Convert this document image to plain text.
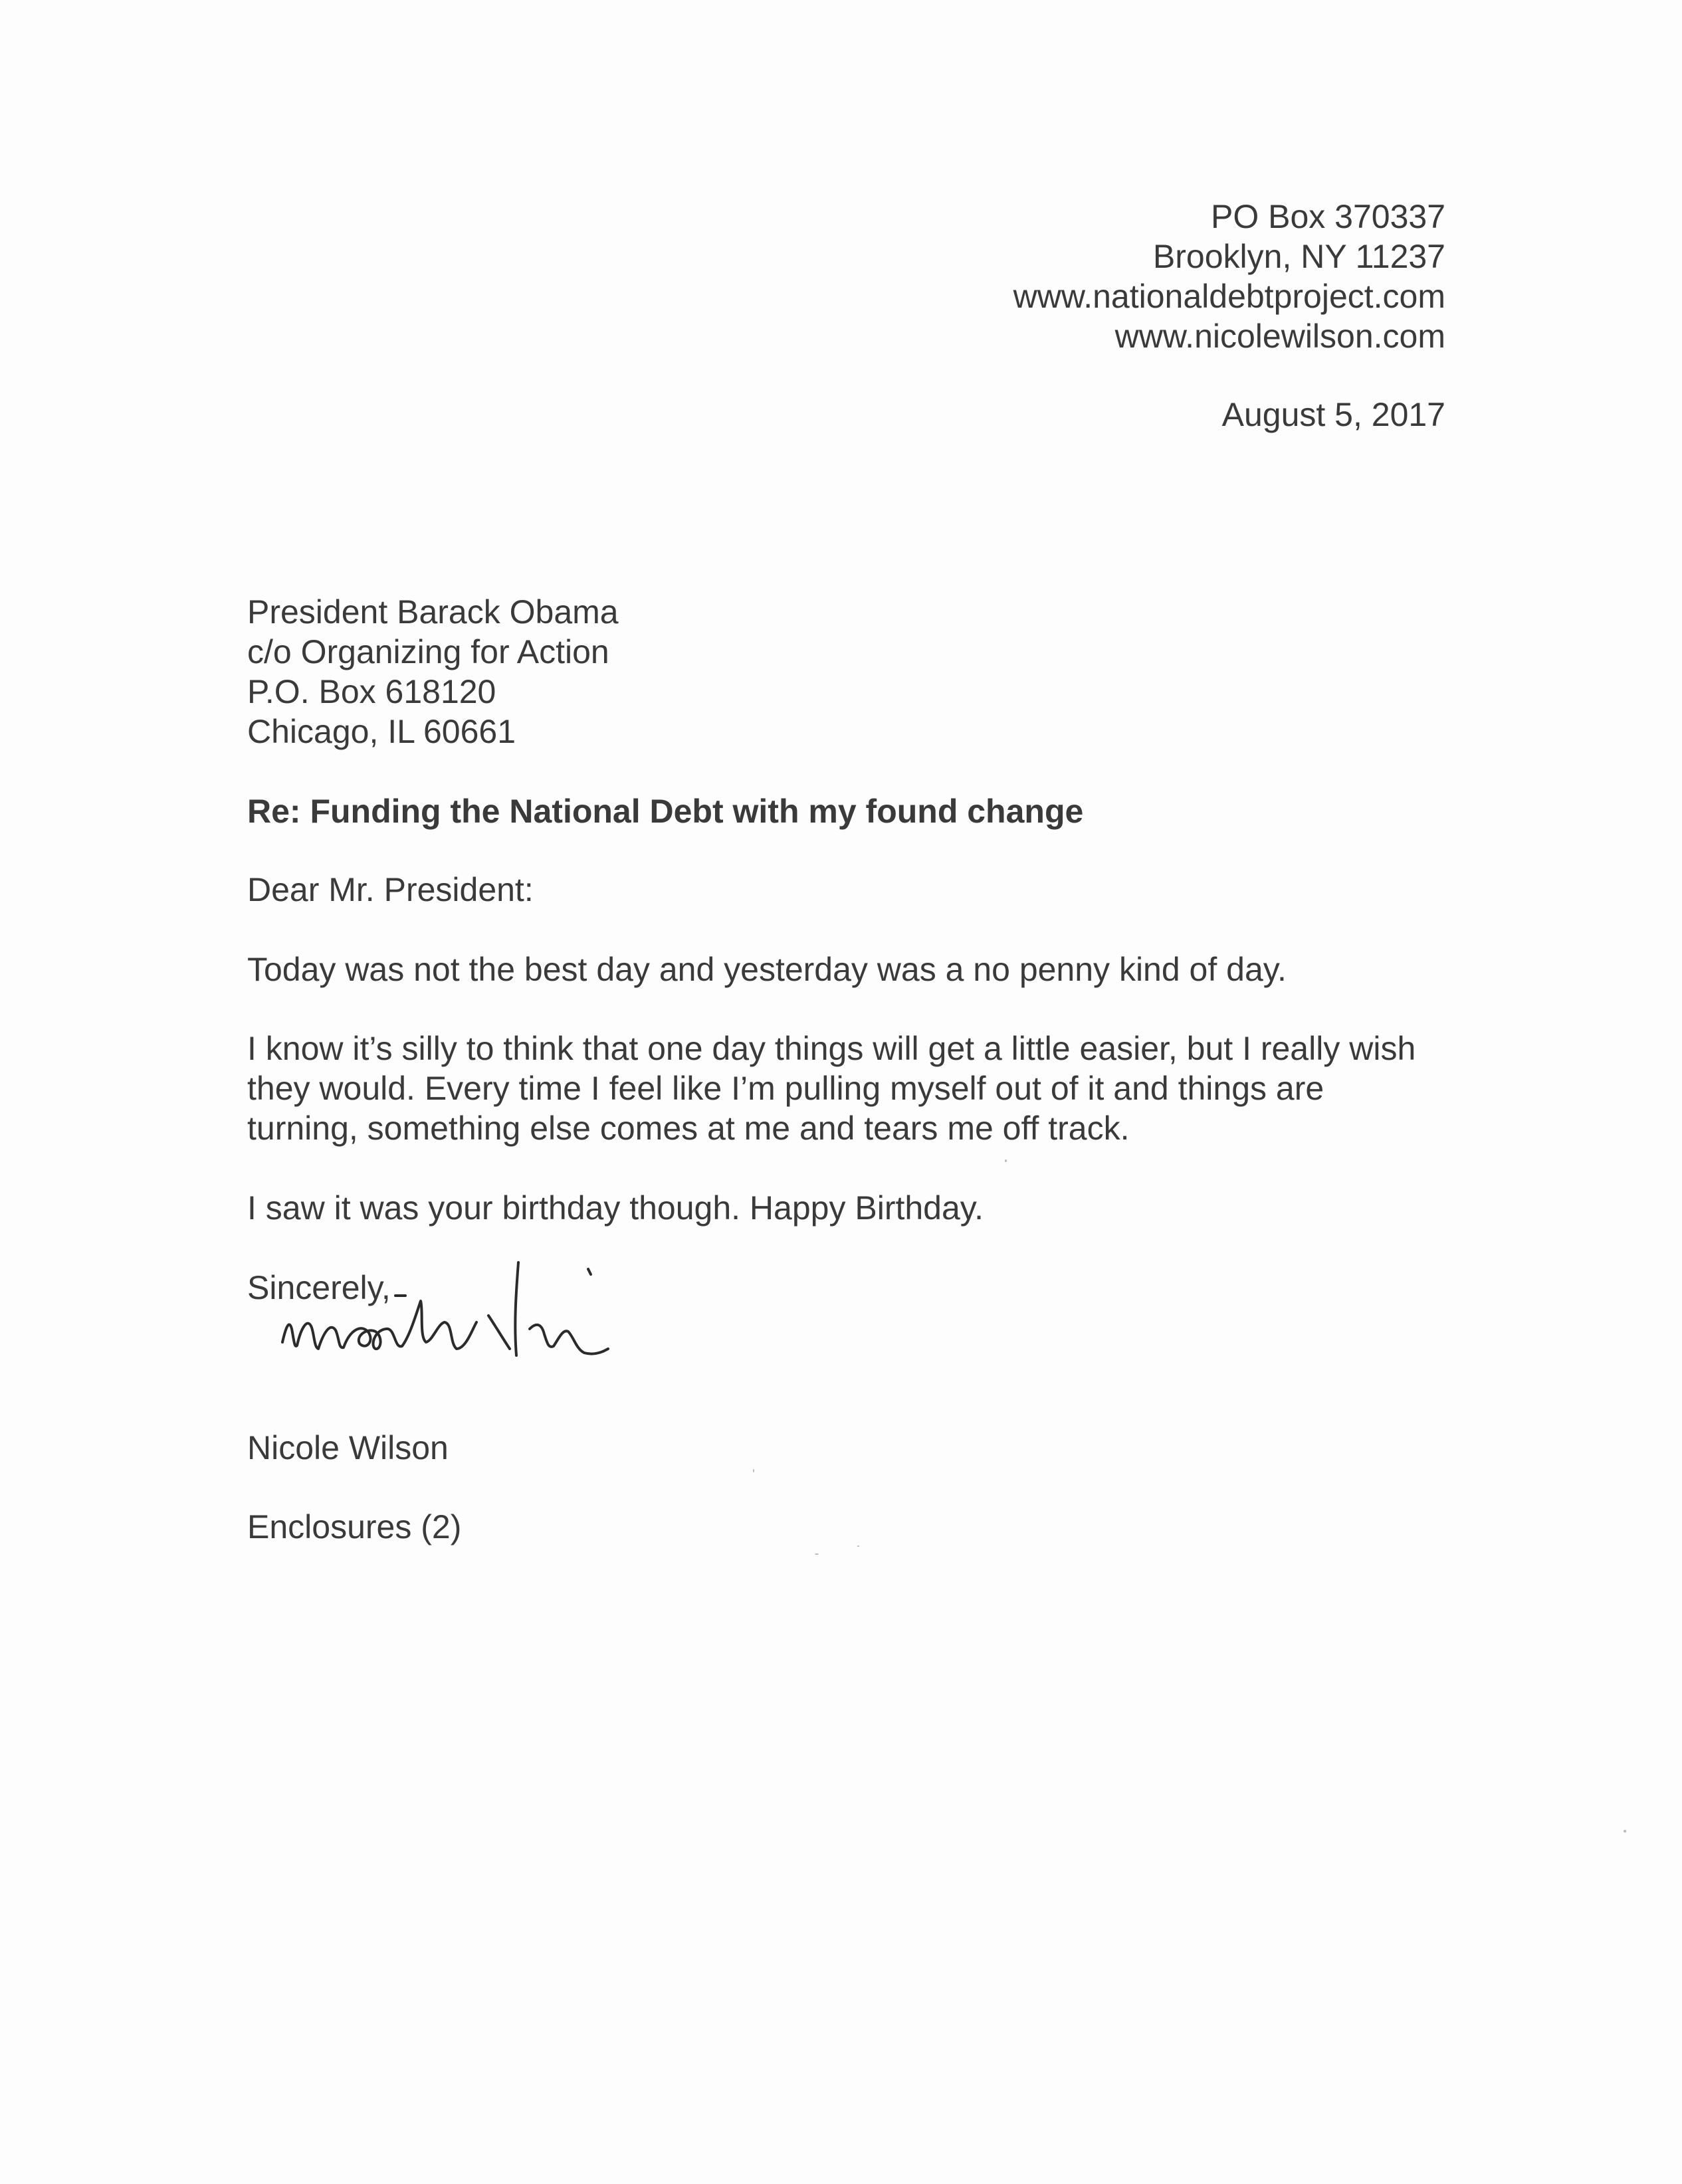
PO Box 370337
Brooklyn, NY 11237
www.nationaldebtproject.com
www.nicolewilson.com
August 5, 2017
President Barack Obama
c/o Organizing for Action
P.O. Box 618120
Chicago, IL 60661
Re: Funding the National Debt with my found change
Dear Mr. President:
Today was not the best day and yesterday was a no penny kind of day.
I know it’s silly to think that one day things will get a little easier, but I really wish
they would. Every time I feel like I’m pulling myself out of it and things are
turning, something else comes at me and tears me off track.
I saw it was your birthday though. Happy Birthday.
Sincerely,
Nicole Wilson
Enclosures (2)
